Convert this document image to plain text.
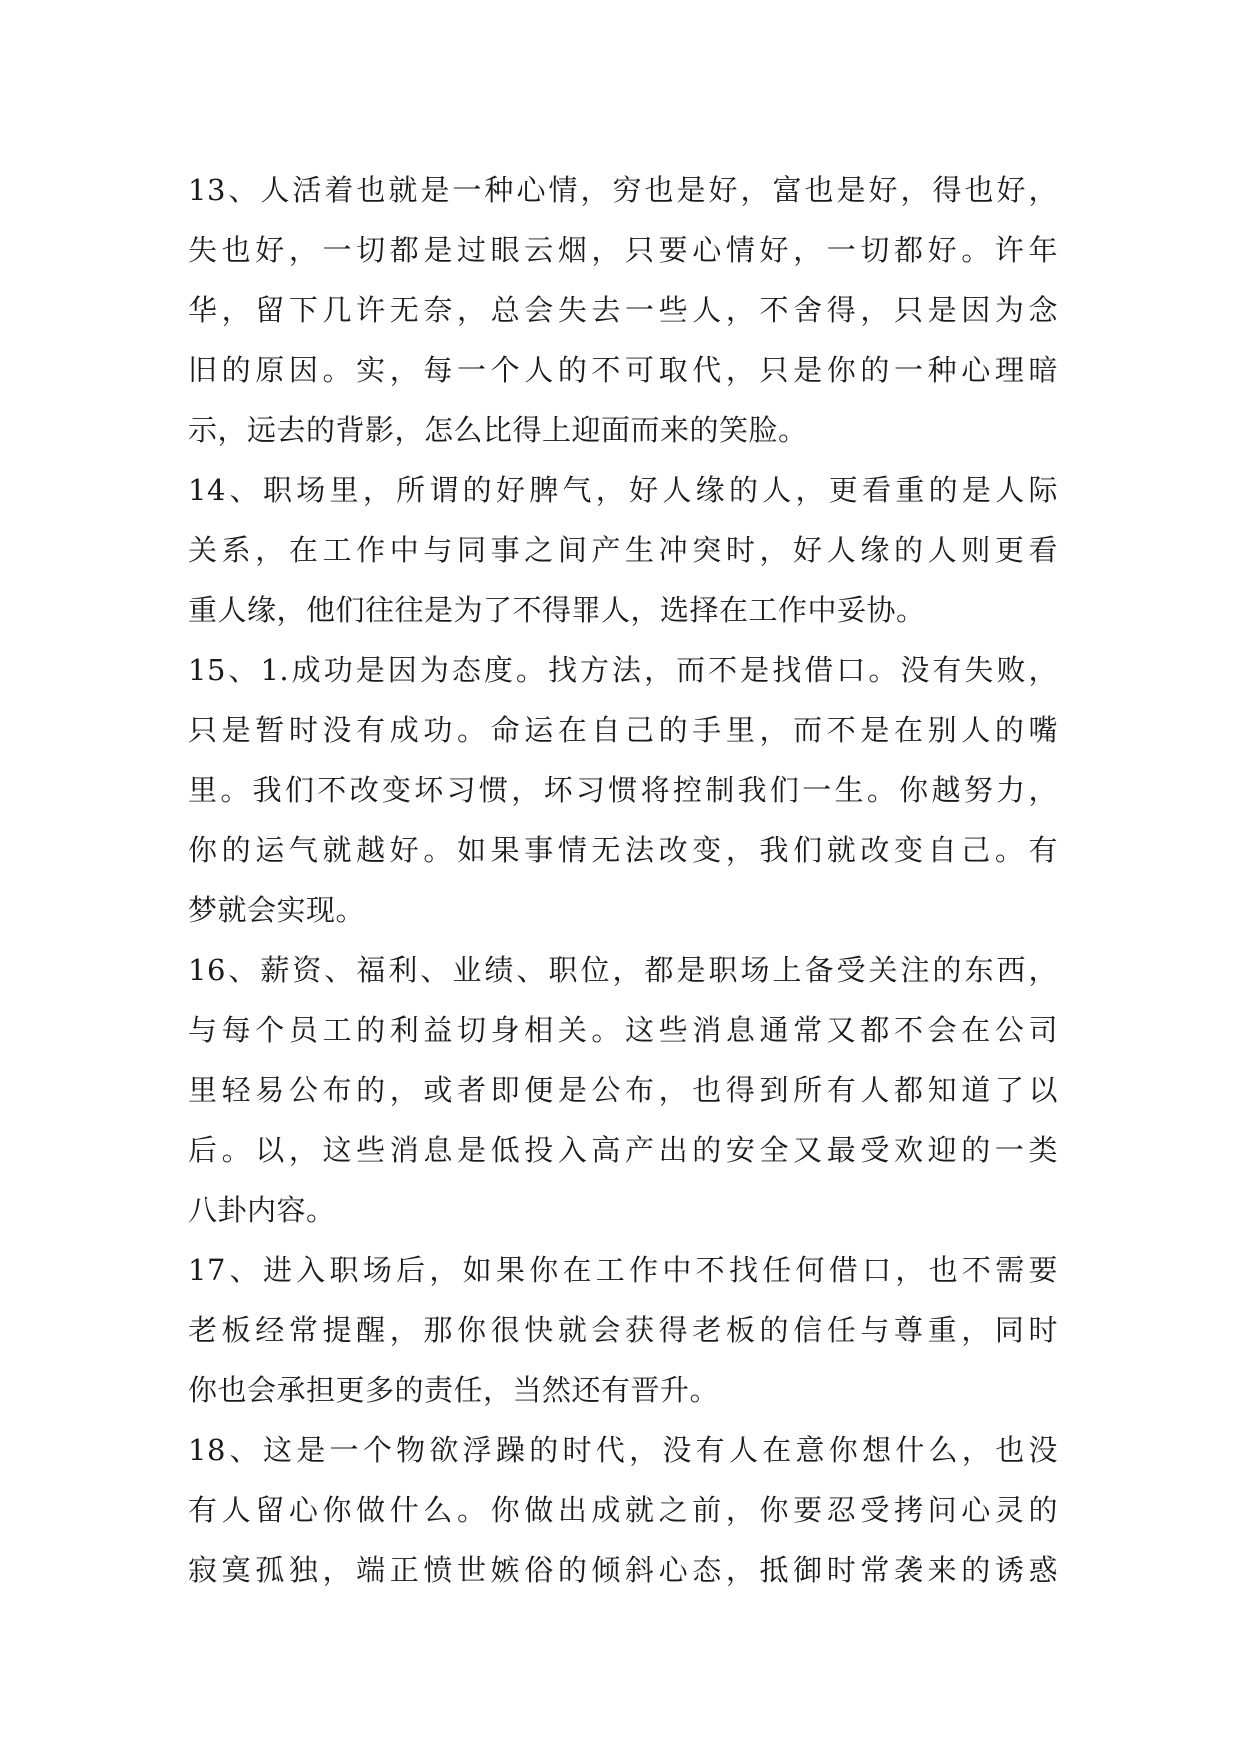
13、人活着也就是一种心情，穷也是好，富也是好，得也好，
失也好，一切都是过眼云烟，只要心情好，一切都好。许年
华，留下几许无奈，总会失去一些人，不舍得，只是因为念
旧的原因。实，每一个人的不可取代，只是你的一种心理暗
示，远去的背影，怎么比得上迎面而来的笑脸。
14、职场里，所谓的好脾气，好人缘的人，更看重的是人际
关系，在工作中与同事之间产生冲突时，好人缘的人则更看
重人缘，他们往往是为了不得罪人，选择在工作中妥协。
15、1.成功是因为态度。找方法，而不是找借口。没有失败，
只是暂时没有成功。命运在自己的手里，而不是在别人的嘴
里。我们不改变坏习惯，坏习惯将控制我们一生。你越努力，
你的运气就越好。如果事情无法改变，我们就改变自己。有
梦就会实现。
16、薪资、福利、业绩、职位，都是职场上备受关注的东西，
与每个员工的利益切身相关。这些消息通常又都不会在公司
里轻易公布的，或者即便是公布，也得到所有人都知道了以
后。以，这些消息是低投入高产出的安全又最受欢迎的一类
八卦内容。
17、进入职场后，如果你在工作中不找任何借口，也不需要
老板经常提醒，那你很快就会获得老板的信任与尊重，同时
你也会承担更多的责任，当然还有晋升。
18、这是一个物欲浮躁的时代，没有人在意你想什么，也没
有人留心你做什么。你做出成就之前，你要忍受拷问心灵的
寂寞孤独，端正愤世嫉俗的倾斜心态，抵御时常袭来的诱惑
